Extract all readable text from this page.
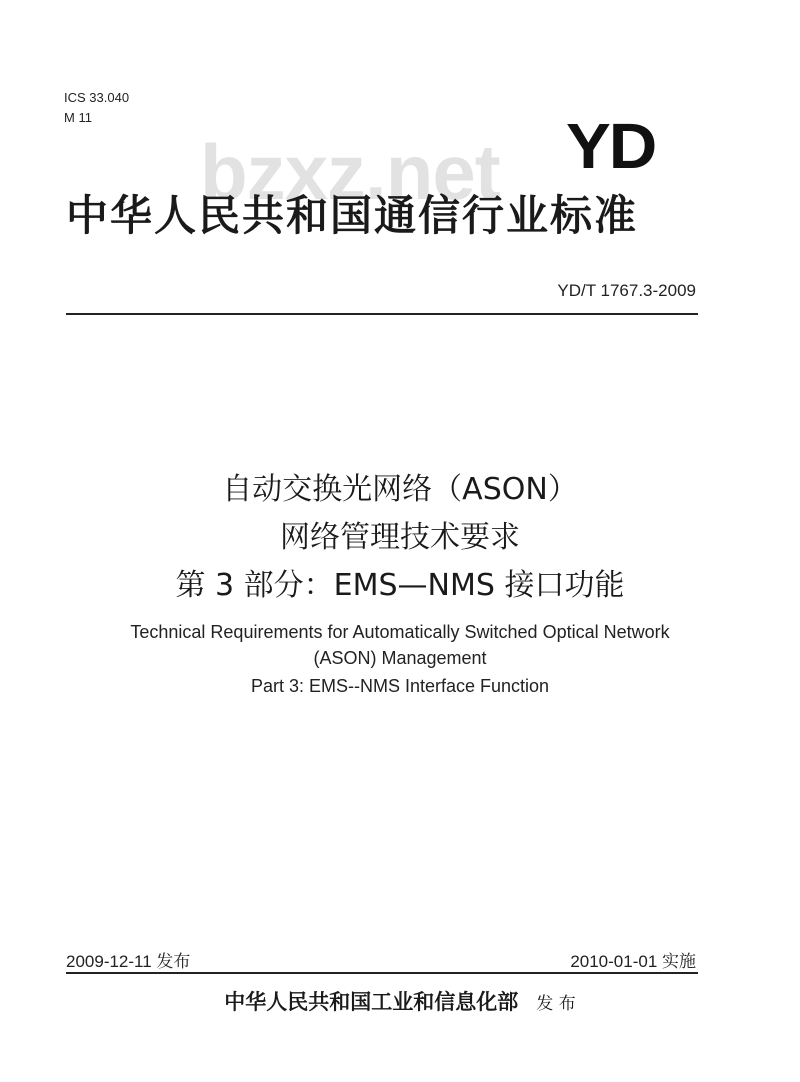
ICS 33.040
M 11
bzxz.net YD
中华人民共和国通信行业标准
YD/T 1767.3-2009
自动交换光网络（ASON）
网络管理技术要求
第 3 部分：EMS—NMS 接口功能
Technical Requirements for Automatically Switched Optical Network
(ASON) Management
Part 3: EMS--NMS Interface Function
2009-12-11 发布	2010-01-01 实施
中华人民共和国工业和信息化部 发 布
